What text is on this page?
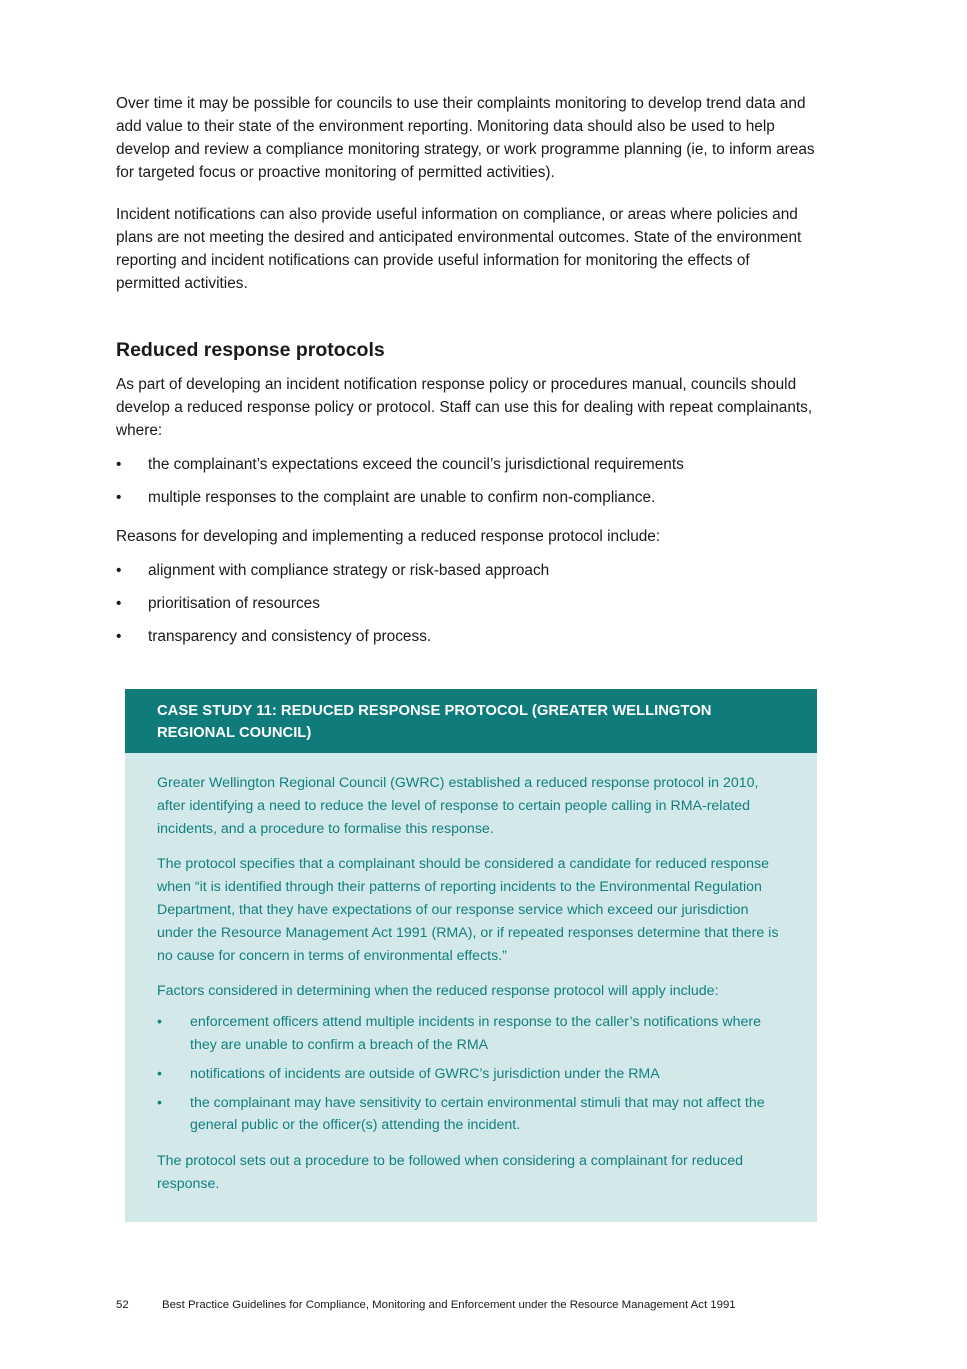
Over time it may be possible for councils to use their complaints monitoring to develop trend data and add value to their state of the environment reporting. Monitoring data should also be used to help develop and review a compliance monitoring strategy, or work programme planning (ie, to inform areas for targeted focus or proactive monitoring of permitted activities).

Incident notifications can also provide useful information on compliance, or areas where policies and plans are not meeting the desired and anticipated environmental outcomes. State of the environment reporting and incident notifications can provide useful information for monitoring the effects of permitted activities.

Reduced response protocols

As part of developing an incident notification response policy or procedures manual, councils should develop a reduced response policy or protocol. Staff can use this for dealing with repeat complainants, where:

• the complainant’s expectations exceed the council’s jurisdictional requirements
• multiple responses to the complaint are unable to confirm non-compliance.

Reasons for developing and implementing a reduced response protocol include:

• alignment with compliance strategy or risk-based approach
• prioritisation of resources
• transparency and consistency of process.
CASE STUDY 11: REDUCED RESPONSE PROTOCOL (GREATER WELLINGTON REGIONAL COUNCIL)

Greater Wellington Regional Council (GWRC) established a reduced response protocol in 2010, after identifying a need to reduce the level of response to certain people calling in RMA-related incidents, and a procedure to formalise this response.

The protocol specifies that a complainant should be considered a candidate for reduced response when “it is identified through their patterns of reporting incidents to the Environmental Regulation Department, that they have expectations of our response service which exceed our jurisdiction under the Resource Management Act 1991 (RMA), or if repeated responses determine that there is no cause for concern in terms of environmental effects.”

Factors considered in determining when the reduced response protocol will apply include:

• enforcement officers attend multiple incidents in response to the caller’s notifications where they are unable to confirm a breach of the RMA
• notifications of incidents are outside of GWRC’s jurisdiction under the RMA
• the complainant may have sensitivity to certain environmental stimuli that may not affect the general public or the officer(s) attending the incident.

The protocol sets out a procedure to be followed when considering a complainant for reduced response.

52	Best Practice Guidelines for Compliance, Monitoring and Enforcement under the Resource Management Act 1991
